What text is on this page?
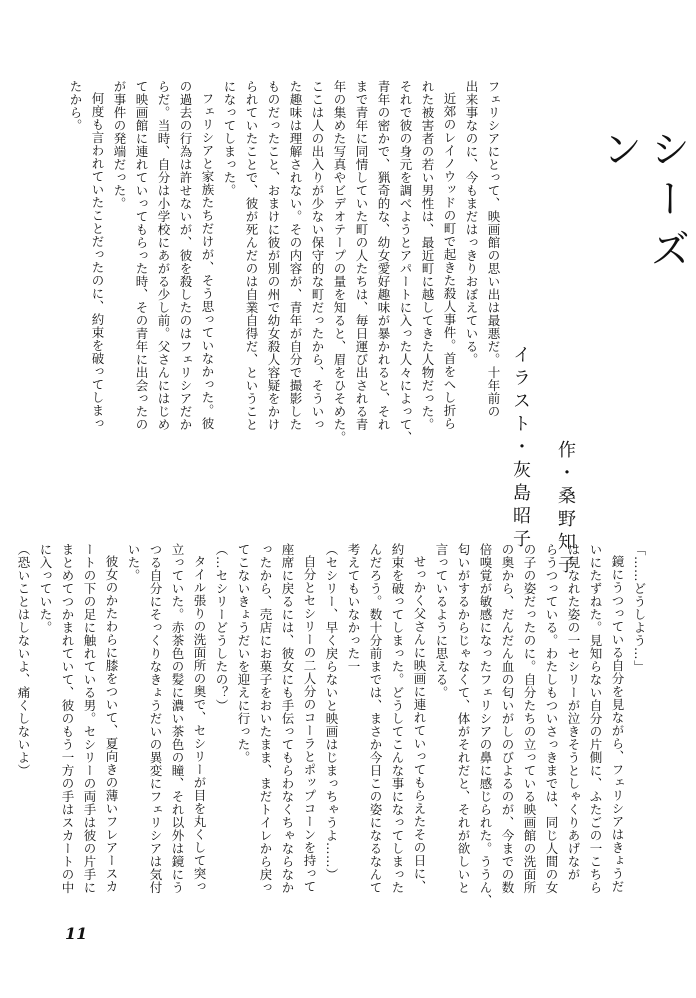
シーズン
作・桑野知子
イラスト・灰島昭子
フェリシアにとって、映画館の思い出は最悪だ。十年前の
出来事なのに、今もまだはっきりおぼえている。
近郊のレイノウッドの町で起きた殺人事件。首をへし折ら
れた被害者の若い男性は、最近町に越してきた人物だった。
それで彼の身元を調べようとアパートに入った人々によって、
青年の密かで、猟奇的な、幼女愛好趣味が暴かれると、それ
まで青年に同情していた町の人たちは、毎日運び出される青
年の集めた写真やビデオテープの量を知ると、眉をひそめた。
ここは人の出入りが少ない保守的な町だったから、そういっ
た趣味は理解されない。その内容が、青年が自分で撮影した
ものだったこと、おまけに彼が別の州で幼女殺人容疑をかけ
られていたことで、彼が死んだのは自業自得だ、ということ
になってしまった。
フェリシアと家族たちだけが、そう思っていなかった。彼
の過去の行為は許せないが、彼を殺したのはフェリシアだか
らだ。当時、自分は小学校にあがる少し前。父さんにはじめ
て映画館に連れていってもらった時、その青年に出会ったの
が事件の発端だった。
何度も言われていたことだったのに、約束を破ってしまっ
たから。
「……どうしよう…」
鏡にうつっている自分を見ながら、フェリシアはきょうだ
いにたずねた。見知らない自分の片側に、ふたごの一こちら
は見なれた姿の一セシリーが泣きそうとしゃくりあげなが
らうつっている。わたしもついさっきまでは、同じ人間の女
の子の姿だったのに。自分たちの立っている映画館の洗面所
の奥から、だんだん血の匂いがしのびよるのが、今までの数
倍嗅覚が敏感になったフェリシアの鼻に感じられた。ううん、
匂いがするからじゃなくて、体がそれだと、それが欲しいと
言っているように思える。
せっかく父さんに映画に連れていってもらえたその日に、
約束を破ってしまった。どうしてこんな事になってしまった
んだろう。数十分前までは、まさか今日この姿になるなんて
考えてもいなかった一
（セシリー、早く戻らないと映画はじまっちゃうよ……）
自分とセシリーの二人分のコーラとポップコーンを持って
座席に戻るには、彼女にも手伝ってもらわなくちゃならなか
ったから、売店にお菓子をおいたまま、まだトイレから戻っ
てこないきょうだいを迎えに行った。
（…セシリーどうしたの？）
タイル張りの洗面所の奥で、セシリーが目を丸くして突っ
立っていた。赤茶色の髪に濃い茶色の瞳、それ以外は鏡にう
つる自分にそっくりなきょうだいの異変にフェリシアは気付
いた。
彼女のかたわらに膝をついて、夏向きの薄いフレアースカ
ートの下の足に触れている男。セシリーの両手は彼の片手に
まとめてつかまれていて、彼のもう一方の手はスカートの中
に入っていた。
（恐いことはしないよ、痛くしないよ）
11
